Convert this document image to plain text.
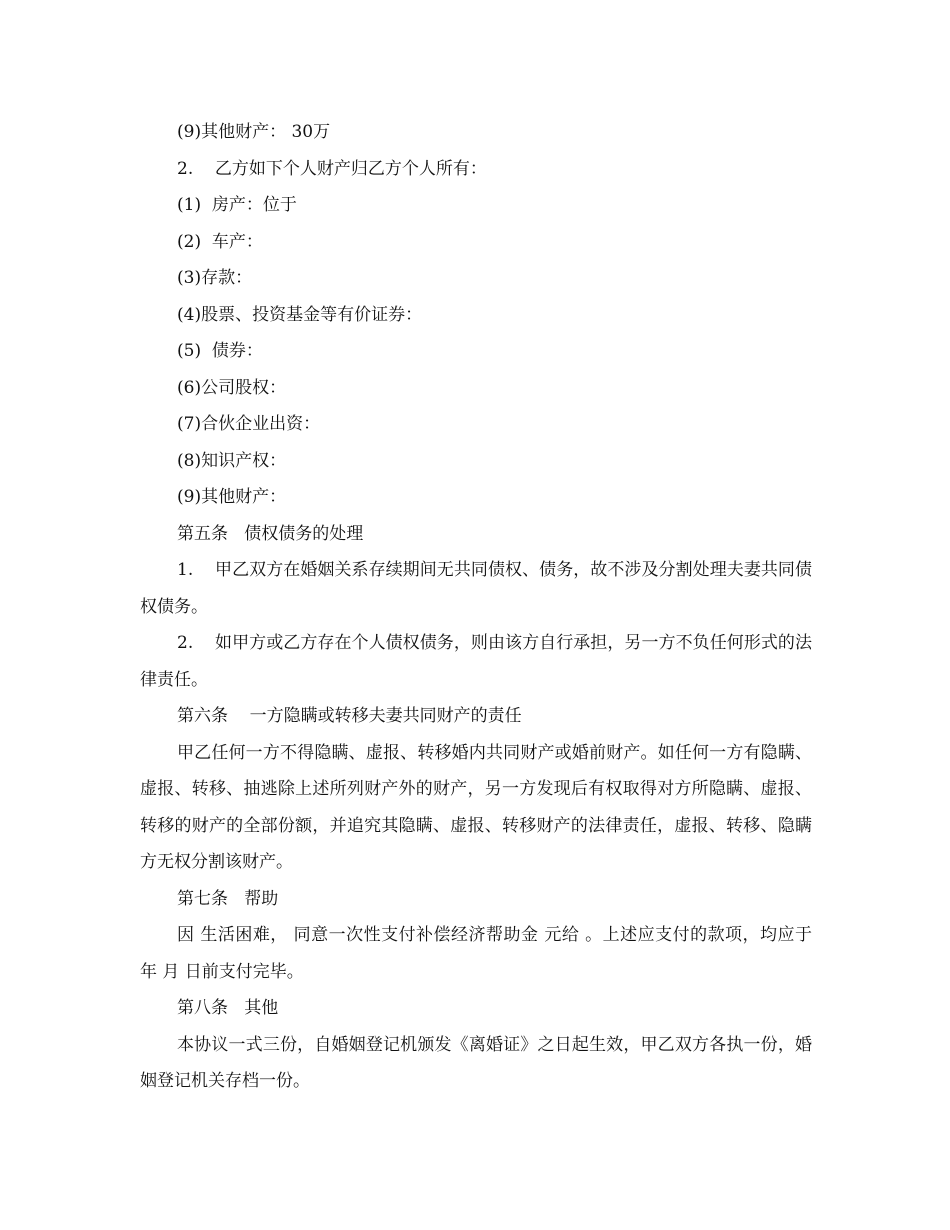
(9)其他财产： 30万

2.    乙方如下个人财产归乙方个人所有：

(1)  房产：位于

(2)  车产：

(3)存款：

(4)股票、投资基金等有价证券：

(5)  债券：

(6)公司股权：

(7)合伙企业出资：

(8)知识产权：

(9)其他财产：

第五条   债权债务的处理

1.    甲乙双方在婚姻关系存续期间无共同债权、债务，故不涉及分割处理夫妻共同债权债务。

2.    如甲方或乙方存在个人债权债务，则由该方自行承担，另一方不负任何形式的法律责任。

第六条    一方隐瞒或转移夫妻共同财产的责任

甲乙任何一方不得隐瞒、虚报、转移婚内共同财产或婚前财产。如任何一方有隐瞒、虚报、转移、抽逃除上述所列财产外的财产，另一方发现后有权取得对方所隐瞒、虚报、转移的财产的全部份额，并追究其隐瞒、虚报、转移财产的法律责任，虚报、转移、隐瞒方无权分割该财产。

第七条   帮助

因 生活困难， 同意一次性支付补偿经济帮助金 元给 。上述应支付的款项，均应于 年 月 日前支付完毕。

第八条   其他

本协议一式三份，自婚姻登记机颁发《离婚证》之日起生效，甲乙双方各执一份，婚姻登记机关存档一份。
